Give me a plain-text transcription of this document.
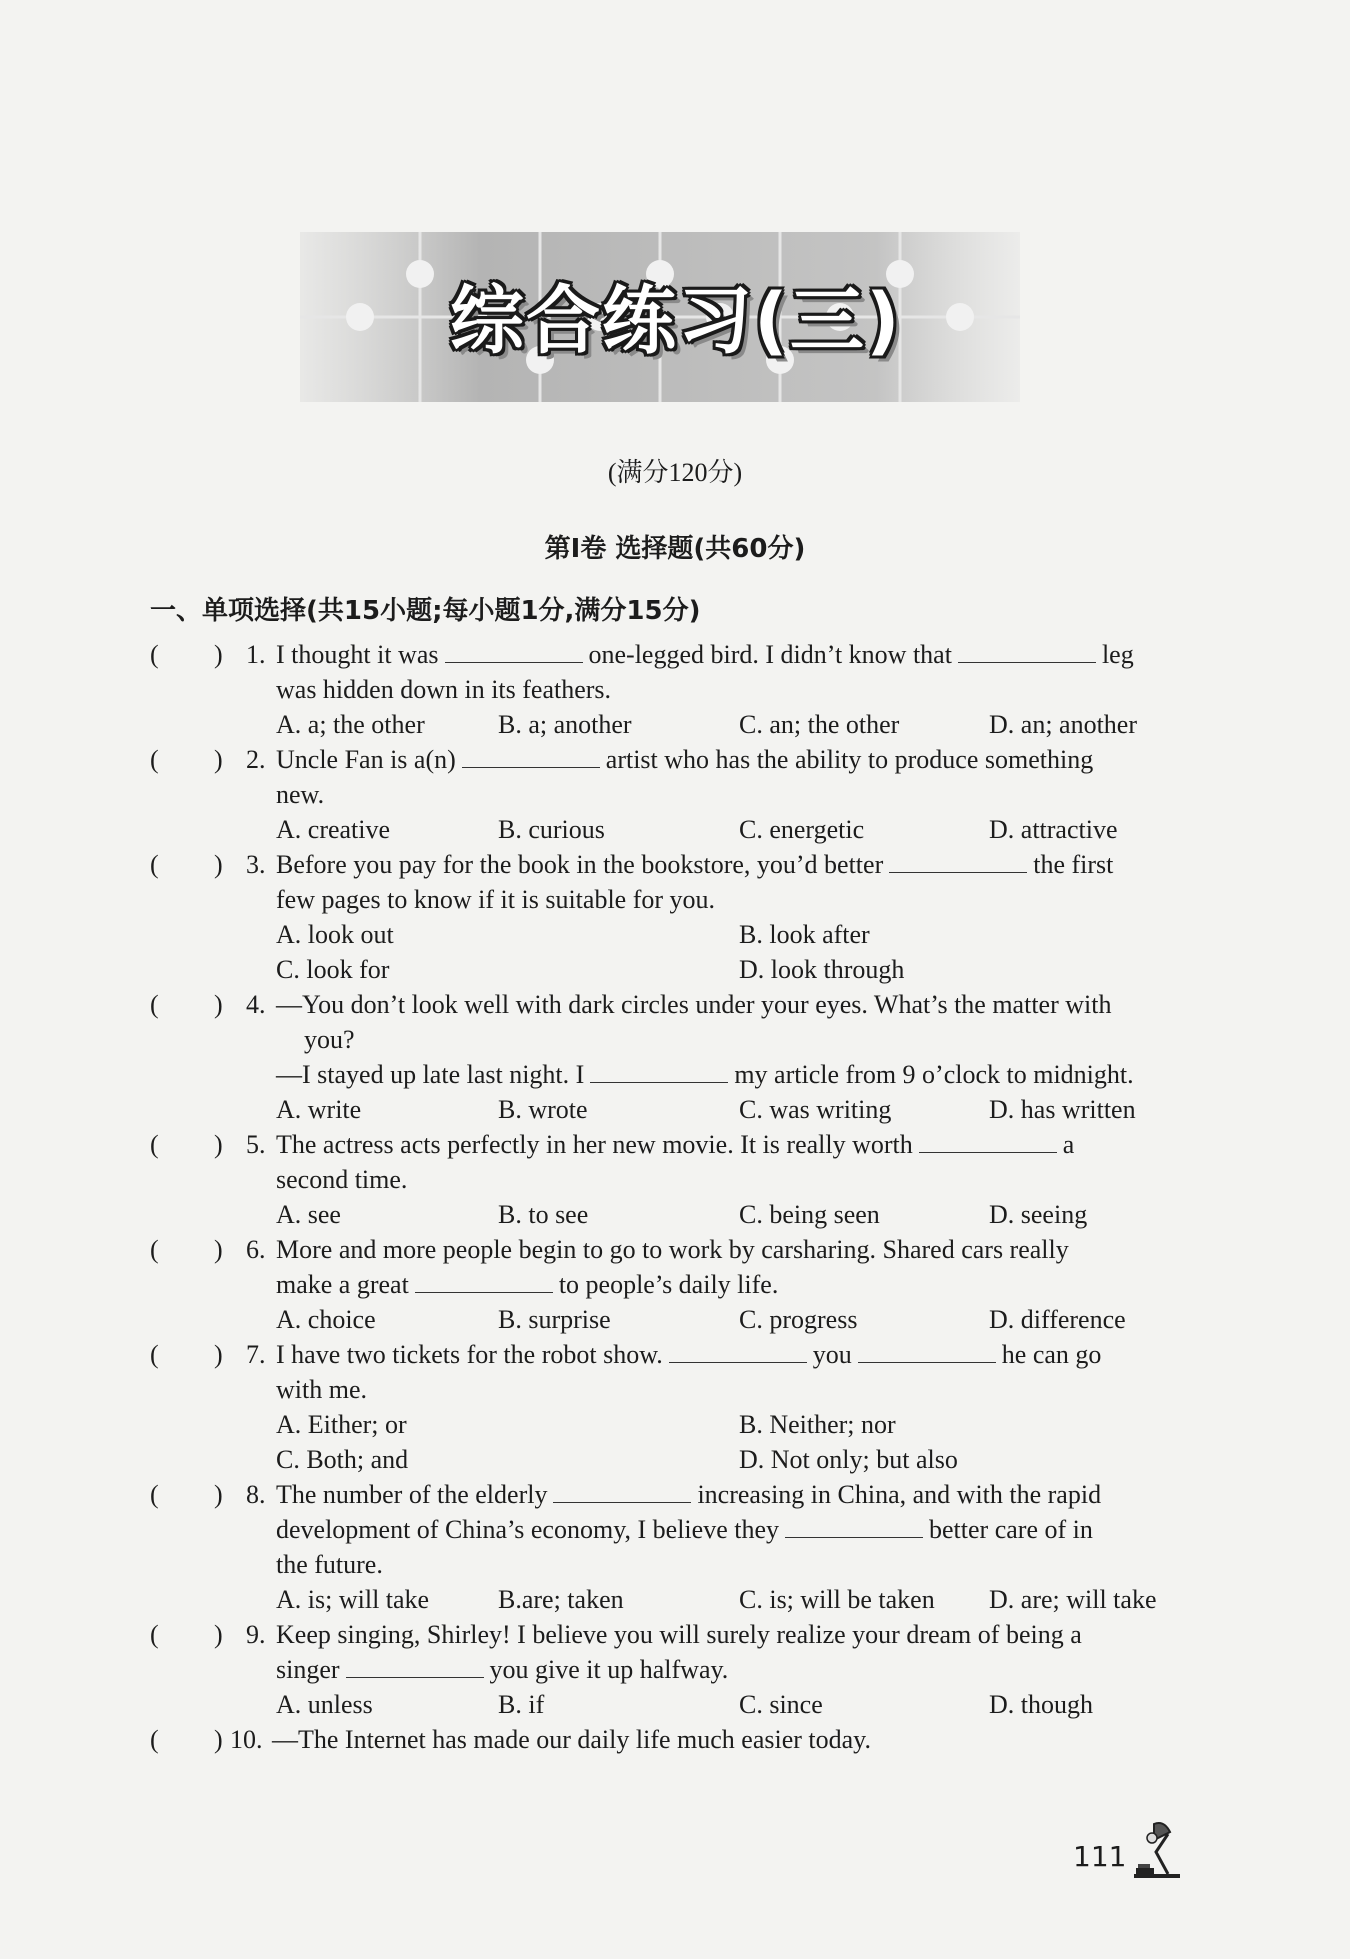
综合练习(三)
(满分120分)
第Ⅰ卷 选择题(共60分)
一、单项选择(共15小题;每小题1分,满分15分)
( ) 1. I thought it was	one-legged bird. I didn’t know that	leg
was hidden down in its feathers.
A. a; the other	B. a; another	C. an; the other	D. an; another
( ) 2. Uncle Fan is a(n)	artist who has the ability to produce something
new.
A. creative	B. curious	C. energetic	D. attractive
( ) 3. Before you pay for the book in the bookstore, you’d better	the first
few pages to know if it is suitable for you.
A. look out	B. look after
C. look for	D. look through
( ) 4. —You don’t look well with dark circles under your eyes. What’s the matter with
you?
—I stayed up late last night. I	my article from 9 o’clock to midnight.
A. write	B. wrote	C. was writing	D. has written
( ) 5. The actress acts perfectly in her new movie. It is really worth	a
second time.
A. see	B. to see	C. being seen	D. seeing
( ) 6. More and more people begin to go to work by carsharing. Shared cars really
make a great	to people’s daily life.
A. choice	B. surprise	C. progress	D. difference
( ) 7. I have two tickets for the robot show.	you	he can go
with me.
A. Either; or	B. Neither; nor
C. Both; and	D. Not only; but also
( ) 8. The number of the elderly	increasing in China, and with the rapid
development of China’s economy, I believe they	better care of in
the future.
A. is; will take	B.are; taken	C. is; will be taken D. are; will take
( ) 9. Keep singing, Shirley! I believe you will surely realize your dream of being a
singer	you give it up halfway.
A. unless	B. if	C. since	D. though
( ) 10. —The Internet has made our daily life much easier today.
111
